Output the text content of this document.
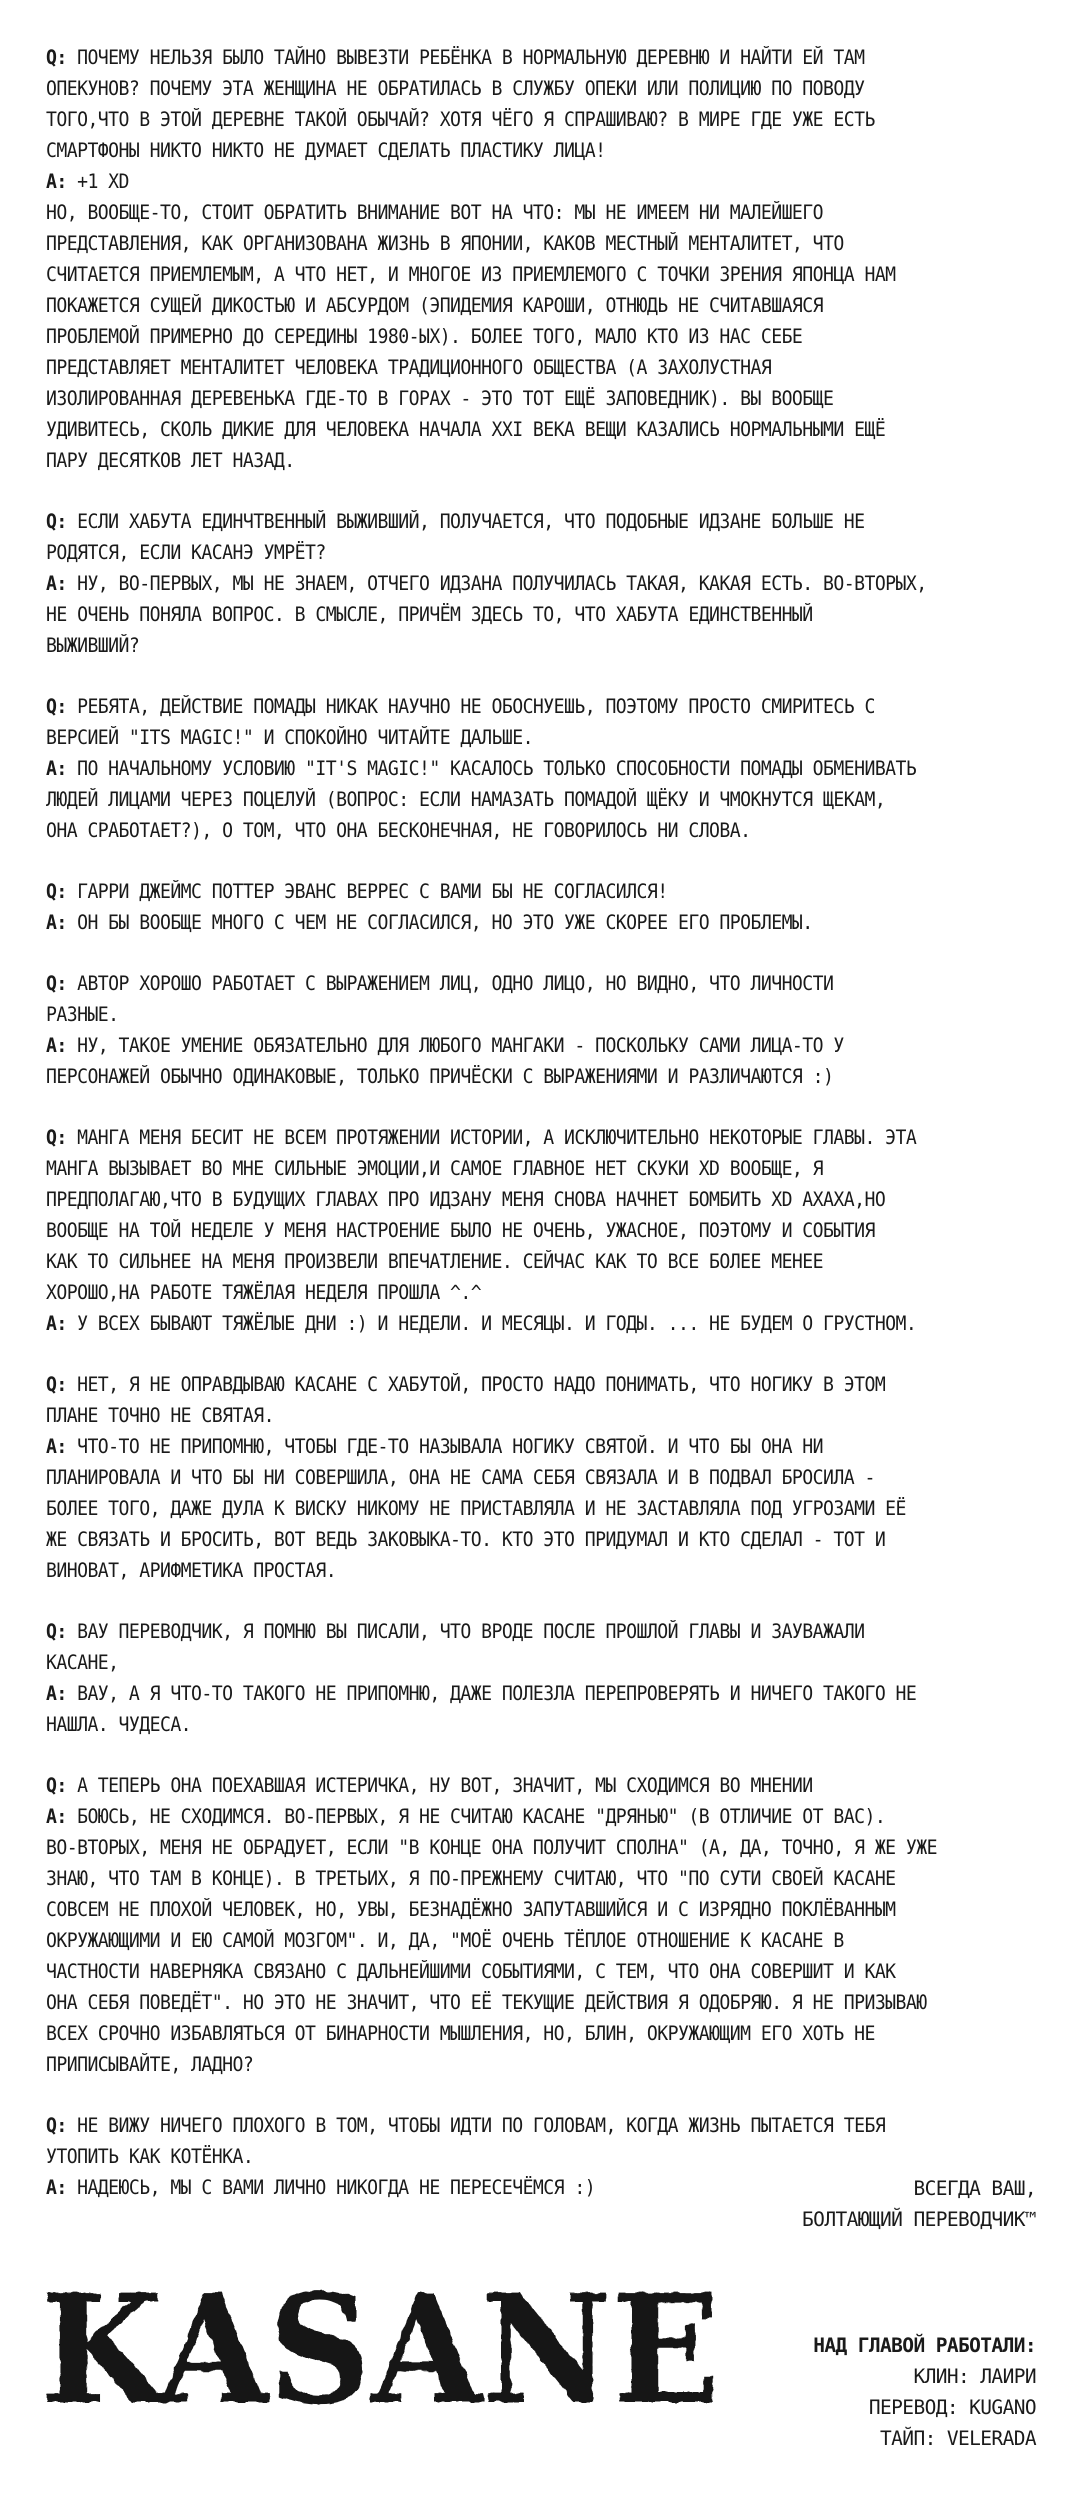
Q: ПОЧЕМУ НЕЛЬЗЯ БЫЛО ТАЙНО ВЫВЕЗТИ РЕБЁНКА В НОРМАЛЬНУЮ ДЕРЕВНЮ И НАЙТИ ЕЙ ТАМ
ОПЕКУНОВ? ПОЧЕМУ ЭТА ЖЕНЩИНА НЕ ОБРАТИЛАСЬ В СЛУЖБУ ОПЕКИ ИЛИ ПОЛИЦИЮ ПО ПОВОДУ
ТОГО,ЧТО В ЭТОЙ ДЕРЕВНЕ ТАКОЙ ОБЫЧАЙ? ХОТЯ ЧЁГО Я СПРАШИВАЮ? В МИРЕ ГДЕ УЖЕ ЕСТЬ
СМАРТФОНЫ НИКТО НИКТО НЕ ДУМАЕТ СДЕЛАТЬ ПЛАСТИКУ ЛИЦА!
A: +1 XD
НО, ВООБЩЕ-ТО, СТОИТ ОБРАТИТЬ ВНИМАНИЕ ВОТ НА ЧТО: МЫ НЕ ИМЕЕМ НИ МАЛЕЙШЕГО
ПРЕДСТАВЛЕНИЯ, КАК ОРГАНИЗОВАНА ЖИЗНЬ В ЯПОНИИ, КАКОВ МЕСТНЫЙ МЕНТАЛИТЕТ, ЧТО
СЧИТАЕТСЯ ПРИЕМЛЕМЫМ, А ЧТО НЕТ, И МНОГОЕ ИЗ ПРИЕМЛЕМОГО С ТОЧКИ ЗРЕНИЯ ЯПОНЦА НАМ
ПОКАЖЕТСЯ СУЩЕЙ ДИКОСТЬЮ И АБСУРДОМ (ЭПИДЕМИЯ КАРОШИ, ОТНЮДЬ НЕ СЧИТАВШАЯСЯ
ПРОБЛЕМОЙ ПРИМЕРНО ДО СЕРЕДИНЫ 1980-ЫХ). БОЛЕЕ ТОГО, МАЛО КТО ИЗ НАС СЕБЕ
ПРЕДСТАВЛЯЕТ МЕНТАЛИТЕТ ЧЕЛОВЕКА ТРАДИЦИОННОГО ОБЩЕСТВА (А ЗАХОЛУСТНАЯ
ИЗОЛИРОВАННАЯ ДЕРЕВЕНЬКА ГДЕ-ТО В ГОРАХ - ЭТО ТОТ ЕЩЁ ЗАПОВЕДНИК). ВЫ ВООБЩЕ
УДИВИТЕСЬ, СКОЛЬ ДИКИЕ ДЛЯ ЧЕЛОВЕКА НАЧАЛА XXI ВЕКА ВЕЩИ КАЗАЛИСЬ НОРМАЛЬНЫМИ ЕЩЁ
ПАРУ ДЕСЯТКОВ ЛЕТ НАЗАД.
Q: ЕСЛИ ХАБУТА ЕДИНЧТВЕННЫЙ ВЫЖИВШИЙ, ПОЛУЧАЕТСЯ, ЧТО ПОДОБНЫЕ ИДЗАНЕ БОЛЬШЕ НЕ
РОДЯТСЯ, ЕСЛИ КАСАНЭ УМРЁТ?
A: НУ, ВО-ПЕРВЫХ, МЫ НЕ ЗНАЕМ, ОТЧЕГО ИДЗАНА ПОЛУЧИЛАСЬ ТАКАЯ, КАКАЯ ЕСТЬ. ВО-ВТОРЫХ,
НЕ ОЧЕНЬ ПОНЯЛА ВОПРОС. В СМЫСЛЕ, ПРИЧЁМ ЗДЕСЬ ТО, ЧТО ХАБУТА ЕДИНСТВЕННЫЙ
ВЫЖИВШИЙ?
Q: РЕБЯТА, ДЕЙСТВИЕ ПОМАДЫ НИКАК НАУЧНО НЕ ОБОСНУЕШЬ, ПОЭТОМУ ПРОСТО СМИРИТЕСЬ С
ВЕРСИЕЙ "ITS MAGIC!" И СПОКОЙНО ЧИТАЙТЕ ДАЛЬШЕ.
A: ПО НАЧАЛЬНОМУ УСЛОВИЮ "IT'S MAGIC!" КАСАЛОСЬ ТОЛЬКО СПОСОБНОСТИ ПОМАДЫ ОБМЕНИВАТЬ
ЛЮДЕЙ ЛИЦАМИ ЧЕРЕЗ ПОЦЕЛУЙ (ВОПРОС: ЕСЛИ НАМАЗАТЬ ПОМАДОЙ ЩЁКУ И ЧМОКНУТСЯ ЩЕКАМ,
ОНА СРАБОТАЕТ?), О ТОМ, ЧТО ОНА БЕСКОНЕЧНАЯ, НЕ ГОВОРИЛОСЬ НИ СЛОВА.
Q: ГАРРИ ДЖЕЙМС ПОТТЕР ЭВАНС ВЕРРЕС С ВАМИ БЫ НЕ СОГЛАСИЛСЯ!
A: ОН БЫ ВООБЩЕ МНОГО С ЧЕМ НЕ СОГЛАСИЛСЯ, НО ЭТО УЖЕ СКОРЕЕ ЕГО ПРОБЛЕМЫ.
Q: АВТОР ХОРОШО РАБОТАЕТ С ВЫРАЖЕНИЕМ ЛИЦ, ОДНО ЛИЦО, НО ВИДНО, ЧТО ЛИЧНОСТИ
РАЗНЫЕ.
A: НУ, ТАКОЕ УМЕНИЕ ОБЯЗАТЕЛЬНО ДЛЯ ЛЮБОГО МАНГАКИ - ПОСКОЛЬКУ САМИ ЛИЦА-ТО У
ПЕРСОНАЖЕЙ ОБЫЧНО ОДИНАКОВЫЕ, ТОЛЬКО ПРИЧЁСКИ С ВЫРАЖЕНИЯМИ И РАЗЛИЧАЮТСЯ :)
Q: МАНГА МЕНЯ БЕСИТ НЕ ВСЕМ ПРОТЯЖЕНИИ ИСТОРИИ, А ИСКЛЮЧИТЕЛЬНО НЕКОТОРЫЕ ГЛАВЫ. ЭТА
МАНГА ВЫЗЫВАЕТ ВО МНЕ СИЛЬНЫЕ ЭМОЦИИ,И САМОЕ ГЛАВНОЕ НЕТ СКУКИ XD ВООБЩЕ, Я
ПРЕДПОЛАГАЮ,ЧТО В БУДУЩИХ ГЛАВАХ ПРО ИДЗАНУ МЕНЯ СНОВА НАЧНЕТ БОМБИТЬ XD АХАХА,НО
ВООБЩЕ НА ТОЙ НЕДЕЛЕ У МЕНЯ НАСТРОЕНИЕ БЫЛО НЕ ОЧЕНЬ, УЖАСНОЕ, ПОЭТОМУ И СОБЫТИЯ
КАК ТО СИЛЬНЕЕ НА МЕНЯ ПРОИЗВЕЛИ ВПЕЧАТЛЕНИЕ. СЕЙЧАС КАК ТО ВСЕ БОЛЕЕ МЕНЕЕ
ХОРОШО,НА РАБОТЕ ТЯЖЁЛАЯ НЕДЕЛЯ ПРОШЛА ^.^
A: У ВСЕХ БЫВАЮТ ТЯЖЁЛЫЕ ДНИ :) И НЕДЕЛИ. И МЕСЯЦЫ. И ГОДЫ. ... НЕ БУДЕМ О ГРУСТНОМ.
Q: НЕТ, Я НЕ ОПРАВДЫВАЮ КАСАНЕ С ХАБУТОЙ, ПРОСТО НАДО ПОНИМАТЬ, ЧТО НОГИКУ В ЭТОМ
ПЛАНЕ ТОЧНО НЕ СВЯТАЯ.
A: ЧТО-ТО НЕ ПРИПОМНЮ, ЧТОБЫ ГДЕ-ТО НАЗЫВАЛА НОГИКУ СВЯТОЙ. И ЧТО БЫ ОНА НИ
ПЛАНИРОВАЛА И ЧТО БЫ НИ СОВЕРШИЛА, ОНА НЕ САМА СЕБЯ СВЯЗАЛА И В ПОДВАЛ БРОСИЛА -
БОЛЕЕ ТОГО, ДАЖЕ ДУЛА К ВИСКУ НИКОМУ НЕ ПРИСТАВЛЯЛА И НЕ ЗАСТАВЛЯЛА ПОД УГРОЗАМИ ЕЁ
ЖЕ СВЯЗАТЬ И БРОСИТЬ, ВОТ ВЕДЬ ЗАКОВЫКА-ТО. КТО ЭТО ПРИДУМАЛ И КТО СДЕЛАЛ - ТОТ И
ВИНОВАТ, АРИФМЕТИКА ПРОСТАЯ.
Q: ВАУ ПЕРЕВОДЧИК, Я ПОМНЮ ВЫ ПИСАЛИ, ЧТО ВРОДЕ ПОСЛЕ ПРОШЛОЙ ГЛАВЫ И ЗАУВАЖАЛИ
КАСАНЕ,
A: ВАУ, А Я ЧТО-ТО ТАКОГО НЕ ПРИПОМНЮ, ДАЖЕ ПОЛЕЗЛА ПЕРЕПРОВЕРЯТЬ И НИЧЕГО ТАКОГО НЕ
НАШЛА. ЧУДЕСА.
Q: А ТЕПЕРЬ ОНА ПОЕХАВШАЯ ИСТЕРИЧКА, НУ ВОТ, ЗНАЧИТ, МЫ СХОДИМСЯ ВО МНЕНИИ
A: БОЮСЬ, НЕ СХОДИМСЯ. ВО-ПЕРВЫХ, Я НЕ СЧИТАЮ КАСАНЕ "ДРЯНЬЮ" (В ОТЛИЧИЕ ОТ ВАС).
ВО-ВТОРЫХ, МЕНЯ НЕ ОБРАДУЕТ, ЕСЛИ "В КОНЦЕ ОНА ПОЛУЧИТ СПОЛНА" (А, ДА, ТОЧНО, Я ЖЕ УЖЕ
ЗНАЮ, ЧТО ТАМ В КОНЦЕ). В ТРЕТЬИХ, Я ПО-ПРЕЖНЕМУ СЧИТАЮ, ЧТО "ПО СУТИ СВОЕЙ КАСАНЕ
СОВСЕМ НЕ ПЛОХОЙ ЧЕЛОВЕК, НО, УВЫ, БЕЗНАДЁЖНО ЗАПУТАВШИЙСЯ И С ИЗРЯДНО ПОКЛЁВАННЫМ
ОКРУЖАЮЩИМИ И ЕЮ САМОЙ МОЗГОМ". И, ДА, "МОЁ ОЧЕНЬ ТЁПЛОЕ ОТНОШЕНИЕ К КАСАНЕ В
ЧАСТНОСТИ НАВЕРНЯКА СВЯЗАНО С ДАЛЬНЕЙШИМИ СОБЫТИЯМИ, С ТЕМ, ЧТО ОНА СОВЕРШИТ И КАК
ОНА СЕБЯ ПОВЕДЁТ". НО ЭТО НЕ ЗНАЧИТ, ЧТО ЕЁ ТЕКУЩИЕ ДЕЙСТВИЯ Я ОДОБРЯЮ. Я НЕ ПРИЗЫВАЮ
ВСЕХ СРОЧНО ИЗБАВЛЯТЬСЯ ОТ БИНАРНОСТИ МЫШЛЕНИЯ, НО, БЛИН, ОКРУЖАЮЩИМ ЕГО ХОТЬ НЕ
ПРИПИСЫВАЙТЕ, ЛАДНО?
Q: НЕ ВИЖУ НИЧЕГО ПЛОХОГО В ТОМ, ЧТОБЫ ИДТИ ПО ГОЛОВАМ, КОГДА ЖИЗНЬ ПЫТАЕТСЯ ТЕБЯ
УТОПИТЬ КАК КОТЁНКА.
A: НАДЕЮСЬ, МЫ С ВАМИ ЛИЧНО НИКОГДА НЕ ПЕРЕСЕЧЁМСЯ :)	ВСЕГДА ВАШ,
БОЛТАЮЩИЙ ПЕРЕВОДЧИК™
KASANE	НАД ГЛАВОЙ РАБОТАЛИ:
КЛИН: ЛАИРИ
ПЕРЕВОД: KUGANO
ТАЙП: VELERADA
